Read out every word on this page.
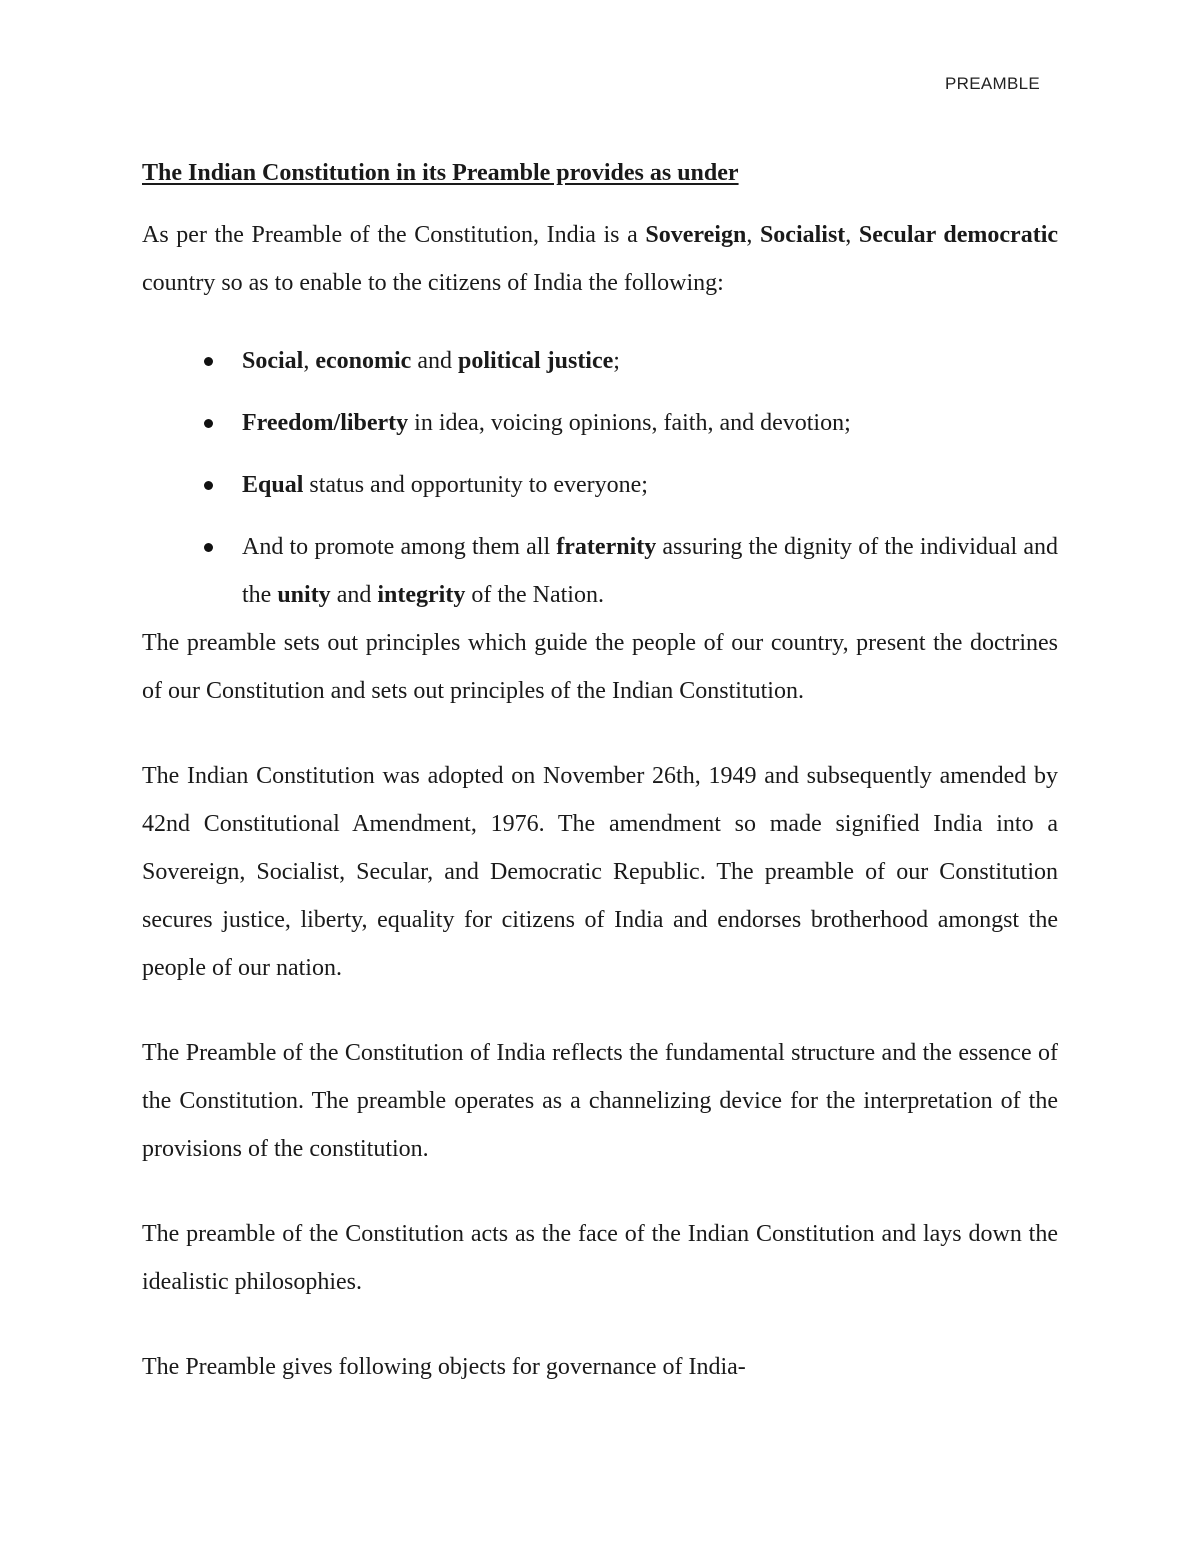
PREAMBLE
The Indian Constitution in its Preamble provides as under

As per the Preamble of the Constitution, India is a Sovereign, Socialist, Secular democratic country so as to enable to the citizens of India the following:

Social, economic and political justice;
Freedom/liberty in idea, voicing opinions, faith, and devotion;
Equal status and opportunity to everyone;
And to promote among them all fraternity assuring the dignity of the individual and the unity and integrity of the Nation.

The preamble sets out principles which guide the people of our country, present the doctrines of our Constitution and sets out principles of the Indian Constitution.

The Indian Constitution was adopted on November 26th, 1949 and subsequently amended by 42nd Constitutional Amendment, 1976. The amendment so made signified India into a Sovereign, Socialist, Secular, and Democratic Republic. The preamble of our Constitution secures justice, liberty, equality for citizens of India and endorses brotherhood amongst the people of our nation.

The Preamble of the Constitution of India reflects the fundamental structure and the essence of the Constitution. The preamble operates as a channelizing device for the interpretation of the provisions of the constitution.

The preamble of the Constitution acts as the face of the Indian Constitution and lays down the idealistic philosophies.

The Preamble gives following objects for governance of India-
